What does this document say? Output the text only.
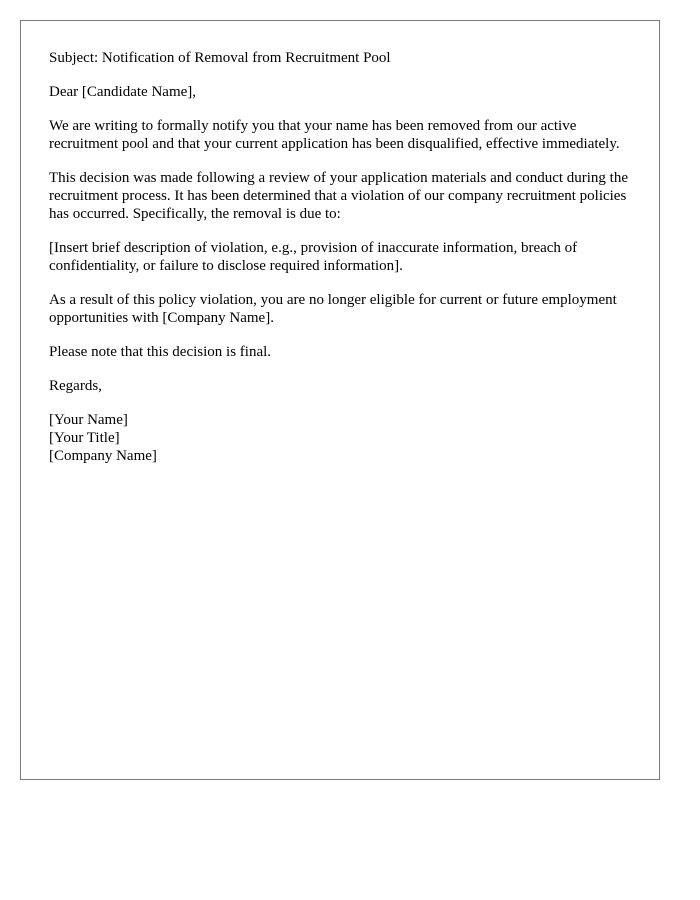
Subject: Notification of Removal from Recruitment Pool

Dear [Candidate Name],

We are writing to formally notify you that your name has been removed from our active recruitment pool and that your current application has been disqualified, effective immediately.

This decision was made following a review of your application materials and conduct during the recruitment process. It has been determined that a violation of our company recruitment policies has occurred. Specifically, the removal is due to:

[Insert brief description of violation, e.g., provision of inaccurate information, breach of confidentiality, or failure to disclose required information].

As a result of this policy violation, you are no longer eligible for current or future employment opportunities with [Company Name].

Please note that this decision is final.

Regards,

[Your Name]
[Your Title]
[Company Name]
